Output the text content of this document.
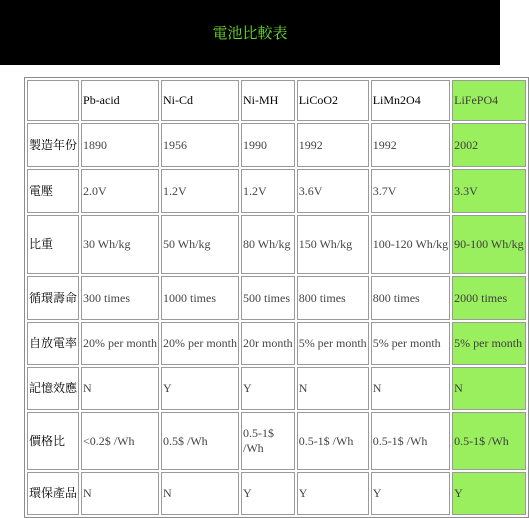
電池比較表
	Pb-acid	Ni-Cd	Ni-MH	LiCoO2	LiMn2O4	LiFePO4
製造年份	1890	1956	1990	1992	1992	2002
電壓	2.0V	1.2V	1.2V	3.6V	3.7V	3.3V
比重	30 Wh/kg	50 Wh/kg	80 Wh/kg	150 Wh/kg	100-120 Wh/kg	90-100 Wh/kg
循環壽命	300 times	1000 times	500 times	800 times	800 times	2000 times
自放電率	20% per month	20% per month	20r month	5% per month	5% per month	5% per month
記憶效應	N	Y	Y	N	N	N
價格比	<0.2$ /Wh	0.5$ /Wh	0.5-1$ /Wh	0.5-1$ /Wh	0.5-1$ /Wh	0.5-1$ /Wh
環保產品	N	N	Y	Y	Y	Y
